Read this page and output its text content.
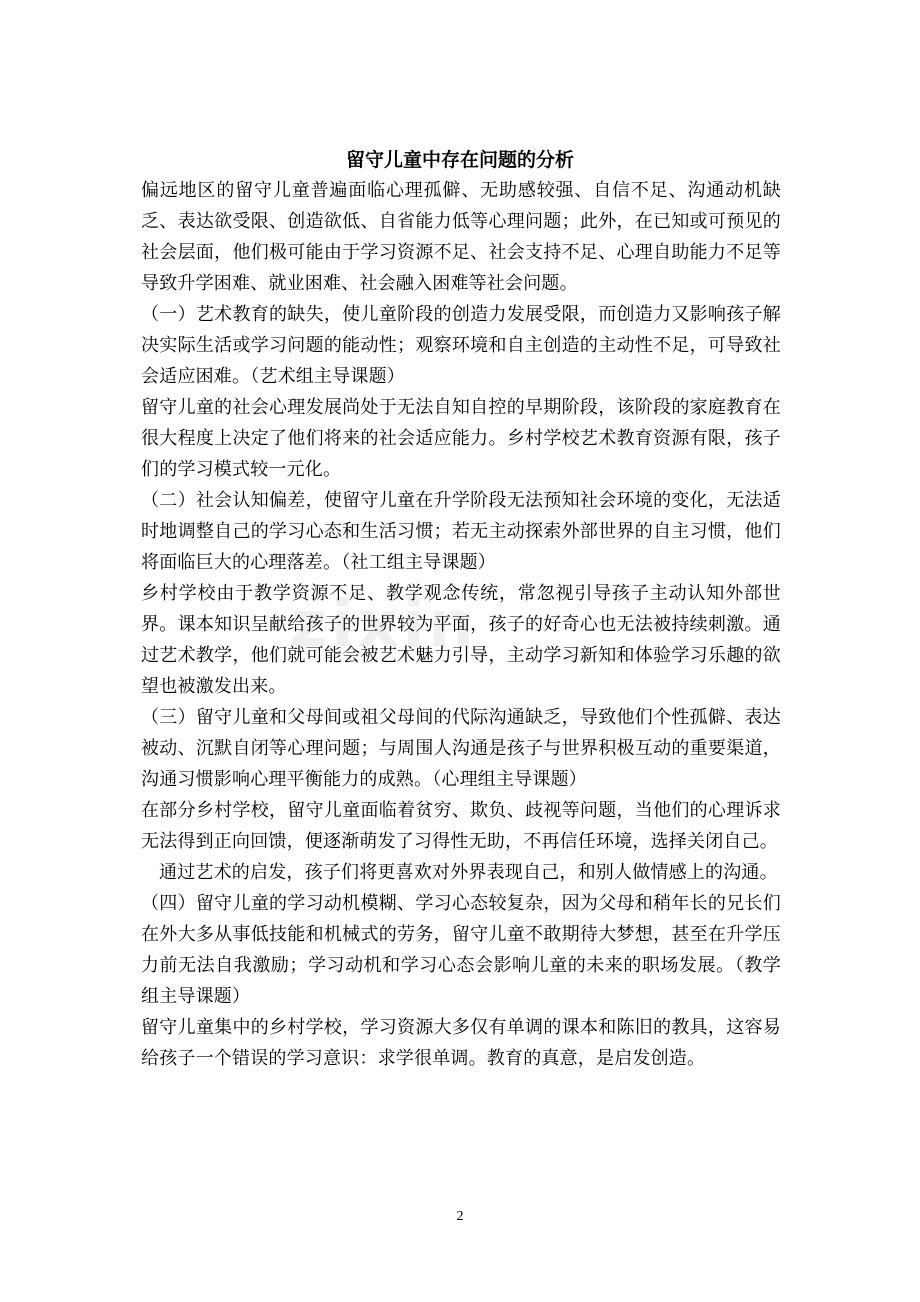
zixin
留守儿童中存在问题的分析

偏远地区的留守儿童普遍面临心理孤僻、无助感较强、自信不足、沟通动机缺乏、表达欲受限、创造欲低、自省能力低等心理问题；此外，在已知或可预见的社会层面，他们极可能由于学习资源不足、社会支持不足、心理自助能力不足等导致升学困难、就业困难、社会融入困难等社会问题。

（一）艺术教育的缺失，使儿童阶段的创造力发展受限，而创造力又影响孩子解决实际生活或学习问题的能动性；观察环境和自主创造的主动性不足，可导致社会适应困难。（艺术组主导课题）

留守儿童的社会心理发展尚处于无法自知自控的早期阶段，该阶段的家庭教育在很大程度上决定了他们将来的社会适应能力。乡村学校艺术教育资源有限，孩子们的学习模式较一元化。

（二）社会认知偏差，使留守儿童在升学阶段无法预知社会环境的变化，无法适时地调整自己的学习心态和生活习惯；若无主动探索外部世界的自主习惯，他们将面临巨大的心理落差。（社工组主导课题）

乡村学校由于教学资源不足、教学观念传统，常忽视引导孩子主动认知外部世界。课本知识呈献给孩子的世界较为平面，孩子的好奇心也无法被持续刺激。通过艺术教学，他们就可能会被艺术魅力引导，主动学习新知和体验学习乐趣的欲望也被激发出来。

（三）留守儿童和父母间或祖父母间的代际沟通缺乏，导致他们个性孤僻、表达被动、沉默自闭等心理问题；与周围人沟通是孩子与世界积极互动的重要渠道，沟通习惯影响心理平衡能力的成熟。（心理组主导课题）

在部分乡村学校，留守儿童面临着贫穷、欺负、歧视等问题，当他们的心理诉求无法得到正向回馈，便逐渐萌发了习得性无助，不再信任环境，选择关闭自己。

通过艺术的启发，孩子们将更喜欢对外界表现自己，和别人做情感上的沟通。

（四）留守儿童的学习动机模糊、学习心态较复杂，因为父母和稍年长的兄长们在外大多从事低技能和机械式的劳务，留守儿童不敢期待大梦想，甚至在升学压力前无法自我激励；学习动机和学习心态会影响儿童的未来的职场发展。（教学组主导课题）

留守儿童集中的乡村学校，学习资源大多仅有单调的课本和陈旧的教具，这容易给孩子一个错误的学习意识：求学很单调。教育的真意，是启发创造。

2
